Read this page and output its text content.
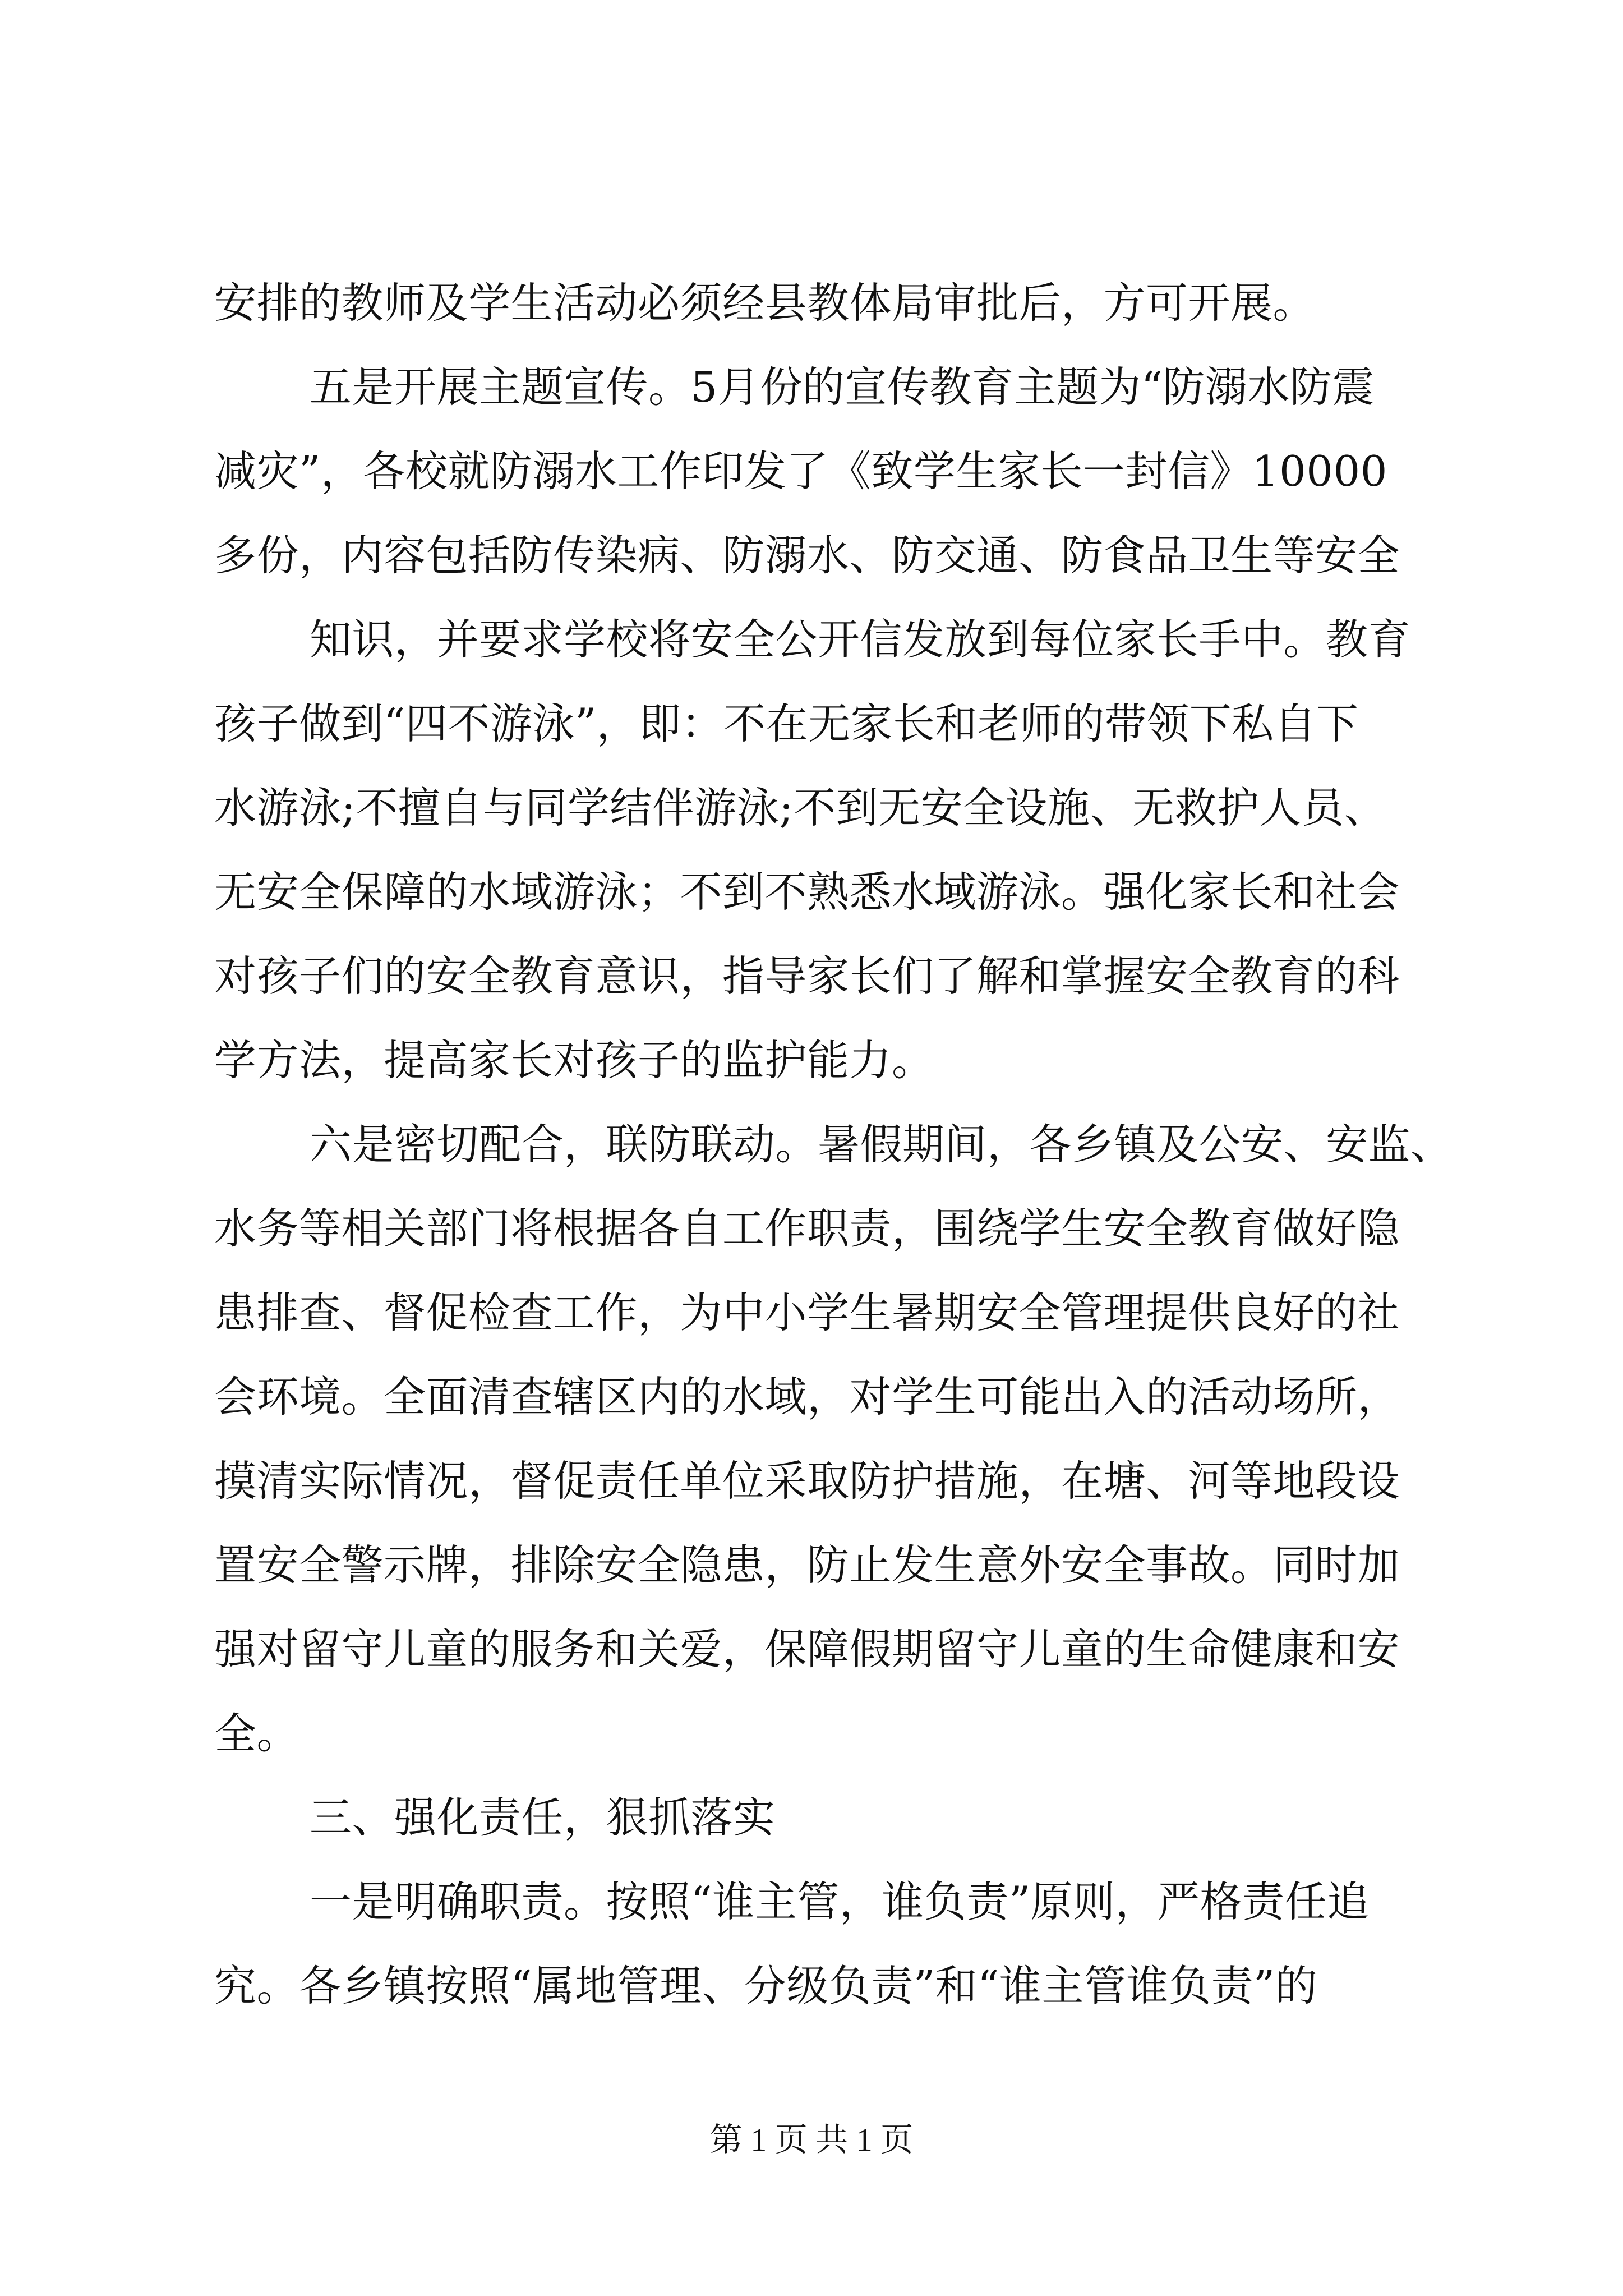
安排的教师及学生活动必须经县教体局审批后，方可开展。
五是开展主题宣传。5月份的宣传教育主题为“防溺水防震
减灾”，各校就防溺水工作印发了《致学生家长一封信》10000
多份，内容包括防传染病、防溺水、防交通、防食品卫生等安全
知识，并要求学校将安全公开信发放到每位家长手中。教育
孩子做到“四不游泳”，即：不在无家长和老师的带领下私自下
水游泳;不擅自与同学结伴游泳;不到无安全设施、无救护人员、
无安全保障的水域游泳；不到不熟悉水域游泳。强化家长和社会
对孩子们的安全教育意识，指导家长们了解和掌握安全教育的科
学方法，提高家长对孩子的监护能力。
六是密切配合，联防联动。暑假期间，各乡镇及公安、安监、
水务等相关部门将根据各自工作职责，围绕学生安全教育做好隐
患排查、督促检查工作，为中小学生暑期安全管理提供良好的社
会环境。全面清查辖区内的水域，对学生可能出入的活动场所，
摸清实际情况，督促责任单位采取防护措施，在塘、河等地段设
置安全警示牌，排除安全隐患，防止发生意外安全事故。同时加
强对留守儿童的服务和关爱，保障假期留守儿童的生命健康和安
全。
三、强化责任，狠抓落实
一是明确职责。按照“谁主管，谁负责”原则，严格责任追
究。各乡镇按照“属地管理、分级负责”和“谁主管谁负责”的
第 1 页 共 1 页
